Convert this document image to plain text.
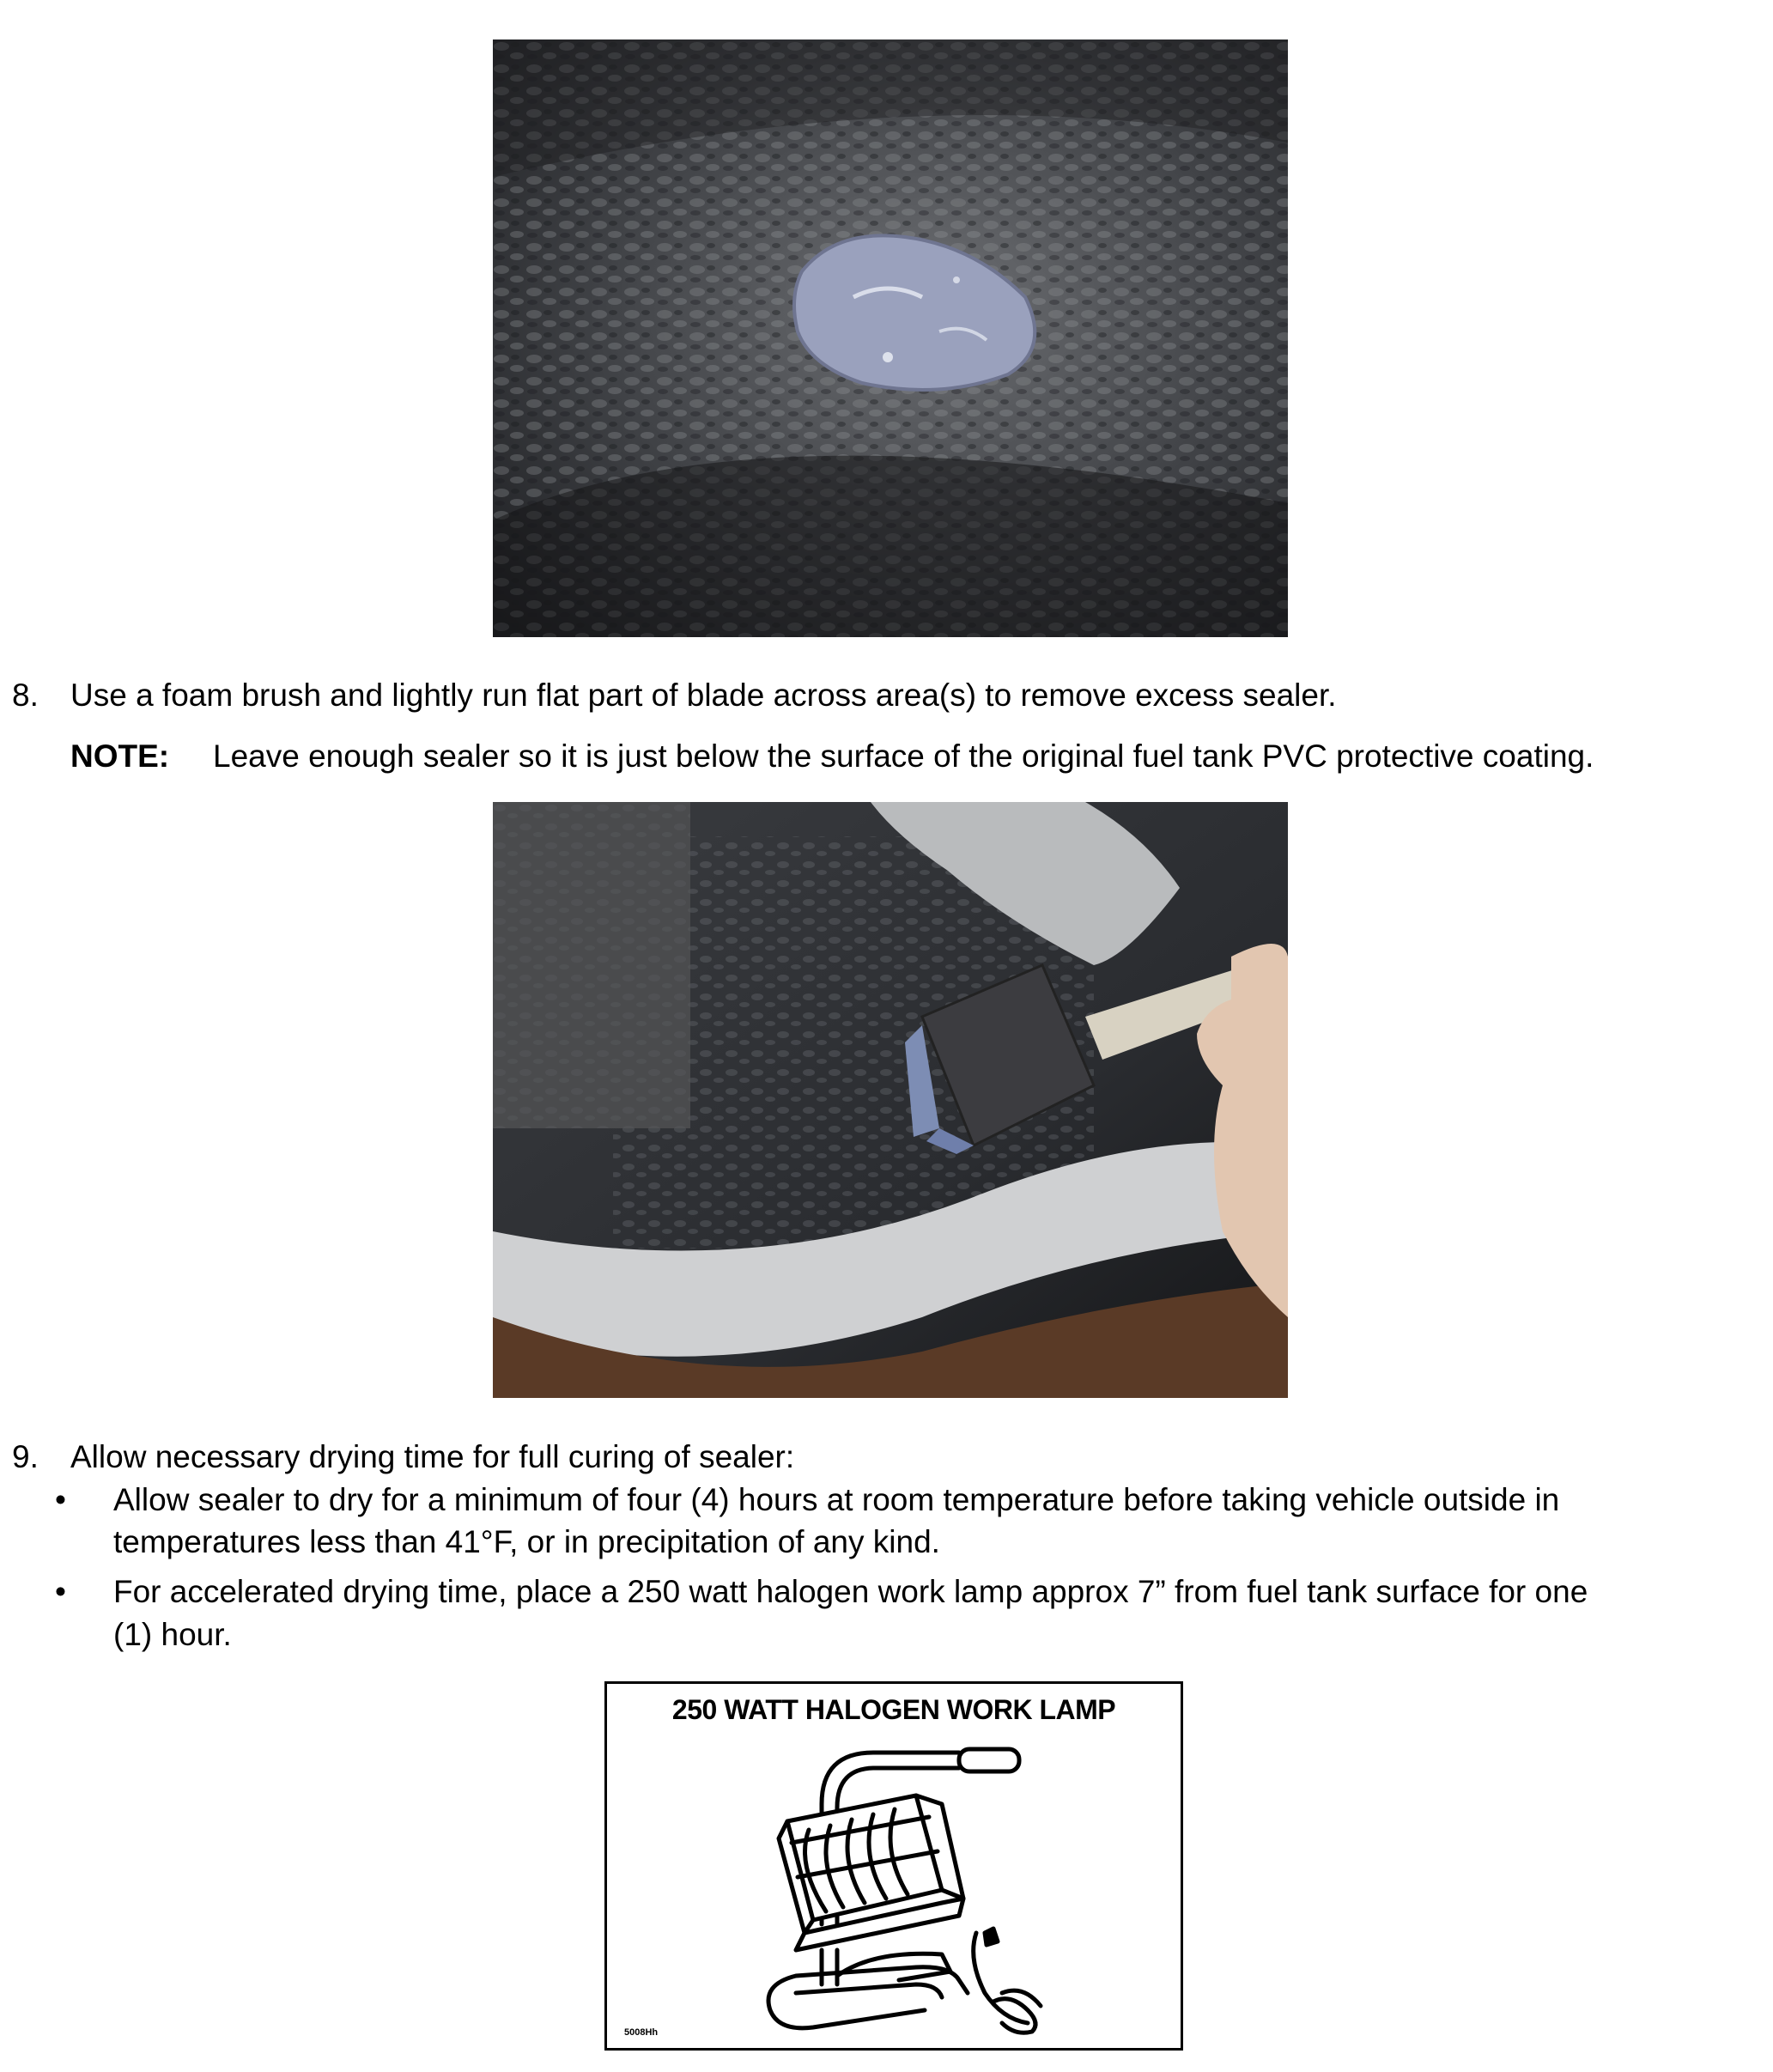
8. Use a foam brush and lightly run flat part of blade across area(s) to remove excess sealer.
NOTE: Leave enough sealer so it is just below the surface of the original fuel tank PVC protective coating.
9. Allow necessary drying time for full curing of sealer:
• Allow sealer to dry for a minimum of four (4) hours at room temperature before taking vehicle outside in
temperatures less than 41°F, or in precipitation of any kind.
• For accelerated drying time, place a 250 watt halogen work lamp approx 7” from fuel tank surface for one
(1) hour.
250 WATT HALOGEN WORK LAMP
5008Hh
